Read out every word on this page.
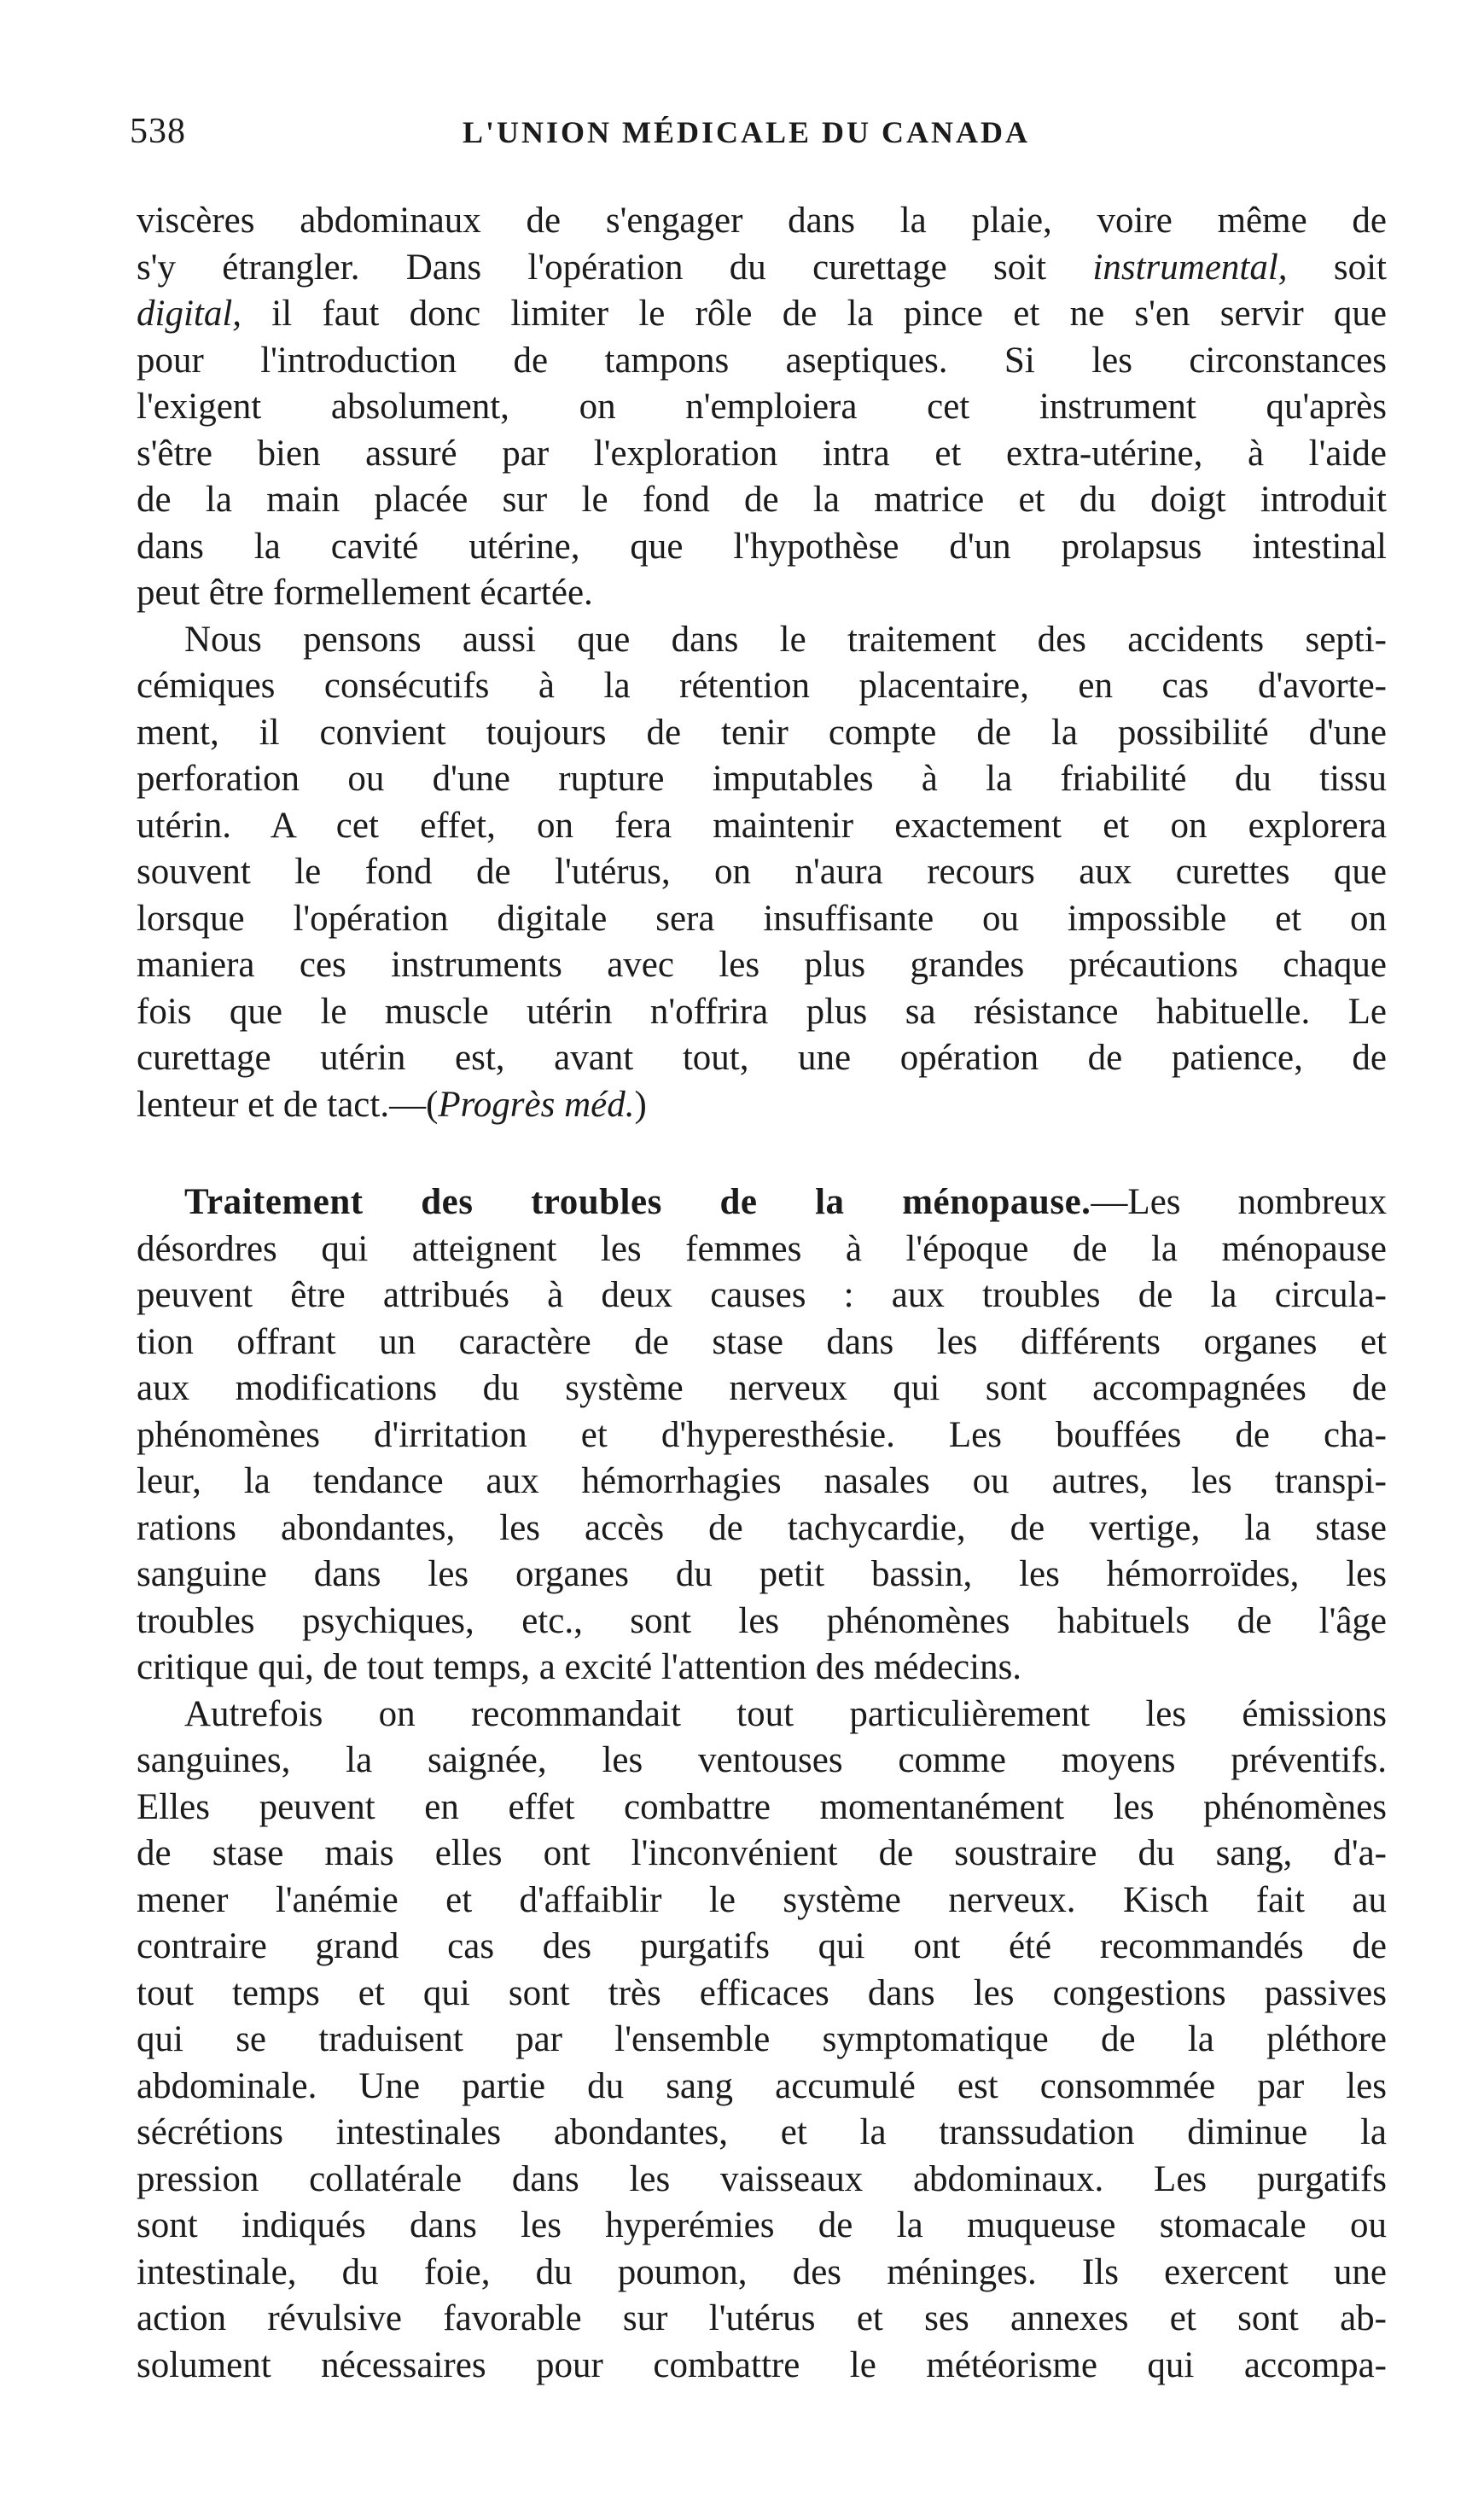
538	L'UNION MÉDICALE DU CANADA
viscères abdominaux de s'engager dans la plaie, voire même de
s'y étrangler. Dans l'opération du curettage soit instrumental, soit
digital, il faut donc limiter le rôle de la pince et ne s'en servir que
pour l'introduction de tampons aseptiques. Si les circonstances
l'exigent absolument, on n'emploiera cet instrument qu'après
s'être bien assuré par l'exploration intra et extra-utérine, à l'aide
de la main placée sur le fond de la matrice et du doigt introduit
dans la cavité utérine, que l'hypothèse d'un prolapsus intestinal
peut être formellement écartée.
Nous pensons aussi que dans le traitement des accidents septi-
cémiques consécutifs à la rétention placentaire, en cas d'avorte-
ment, il convient toujours de tenir compte de la possibilité d'une
perforation ou d'une rupture imputables à la friabilité du tissu
utérin. A cet effet, on fera maintenir exactement et on explorera
souvent le fond de l'utérus, on n'aura recours aux curettes que
lorsque l'opération digitale sera insuffisante ou impossible et on
maniera ces instruments avec les plus grandes précautions chaque
fois que le muscle utérin n'offrira plus sa résistance habituelle. Le
curettage utérin est, avant tout, une opération de patience, de
lenteur et de tact.—(Progrès méd.)
Traitement des troubles de la ménopause.—Les nombreux
désordres qui atteignent les femmes à l'époque de la ménopause
peuvent être attribués à deux causes : aux troubles de la circula-
tion offrant un caractère de stase dans les différents organes et
aux modifications du système nerveux qui sont accompagnées de
phénomènes d'irritation et d'hyperesthésie. Les bouffées de cha-
leur, la tendance aux hémorrhagies nasales ou autres, les transpi-
rations abondantes, les accès de tachycardie, de vertige, la stase
sanguine dans les organes du petit bassin, les hémorroïdes, les
troubles psychiques, etc., sont les phénomènes habituels de l'âge
critique qui, de tout temps, a excité l'attention des médecins.
Autrefois on recommandait tout particulièrement les émissions
sanguines, la saignée, les ventouses comme moyens préventifs.
Elles peuvent en effet combattre momentanément les phénomènes
de stase mais elles ont l'inconvénient de soustraire du sang, d'a-
mener l'anémie et d'affaiblir le système nerveux. Kisch fait au
contraire grand cas des purgatifs qui ont été recommandés de
tout temps et qui sont très efficaces dans les congestions passives
qui se traduisent par l'ensemble symptomatique de la pléthore
abdominale. Une partie du sang accumulé est consommée par les
sécrétions intestinales abondantes, et la transsudation diminue la
pression collatérale dans les vaisseaux abdominaux. Les purgatifs
sont indiqués dans les hyperémies de la muqueuse stomacale ou
intestinale, du foie, du poumon, des méninges. Ils exercent une
action révulsive favorable sur l'utérus et ses annexes et sont ab-
solument nécessaires pour combattre le météorisme qui accompa-
